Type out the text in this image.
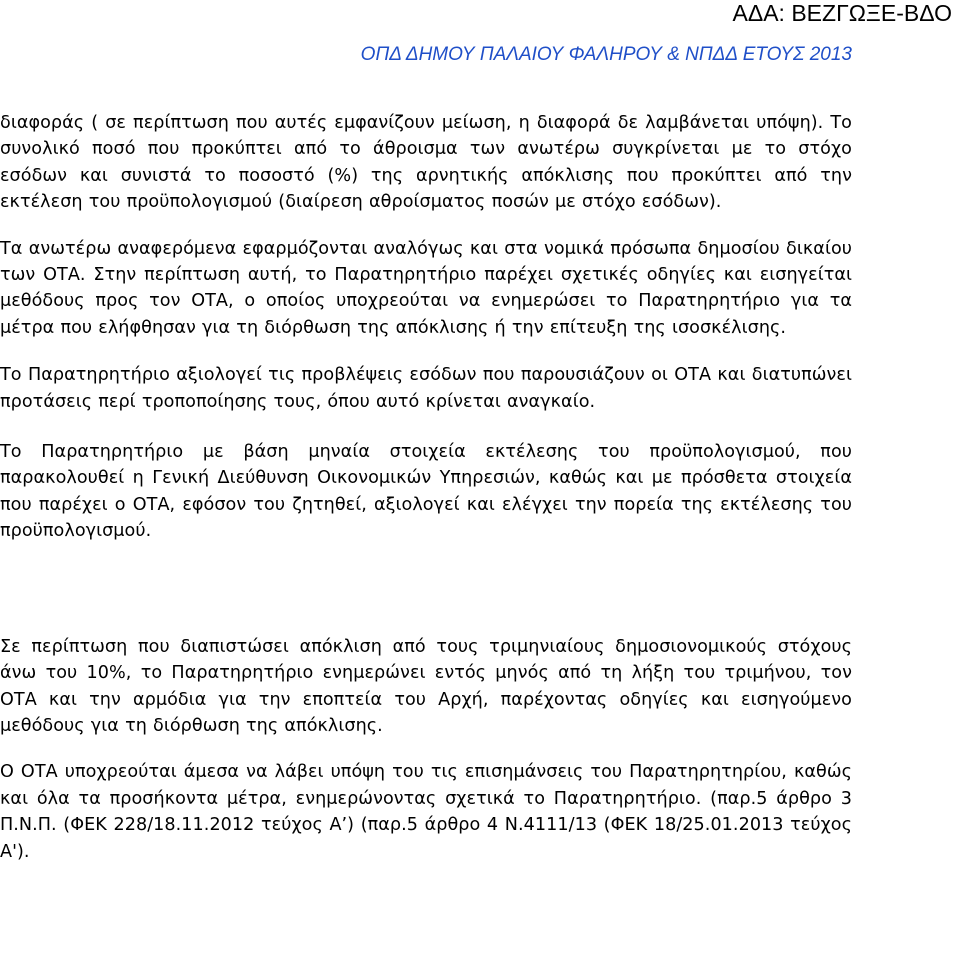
ΑΔΑ: ΒΕΖΓΩΞΕ-ΒΔΟ
ΟΠΔ ΔΗΜΟΥ ΠΑΛΑΙΟΥ ΦΑΛΗΡΟΥ & ΝΠΔΔ ΕΤΟΥΣ 2013

διαφοράς ( σε περίπτωση που αυτές εμφανίζουν μείωση, η διαφορά δε λαμβάνεται υπόψη). Το συνολικό ποσό που προκύπτει από το άθροισμα των ανωτέρω συγκρίνεται με το στόχο εσόδων και συνιστά το ποσοστό (%) της αρνητικής απόκλισης που προκύπτει από την εκτέλεση του προϋπολογισμού (διαίρεση αθροίσματος ποσών με στόχο εσόδων).

Τα ανωτέρω αναφερόμενα εφαρμόζονται αναλόγως και στα νομικά πρόσωπα δημοσίου δικαίου των ΟΤΑ. Στην περίπτωση αυτή, το Παρατηρητήριο παρέχει σχετικές οδηγίες και εισηγείται μεθόδους προς τον ΟΤΑ, ο οποίος υποχρεούται να ενημερώσει το Παρατηρητήριο για τα μέτρα που ελήφθησαν για τη διόρθωση της απόκλισης ή την επίτευξη της ισοσκέλισης.

Το Παρατηρητήριο αξιολογεί τις προβλέψεις εσόδων που παρουσιάζουν οι ΟΤΑ και διατυπώνει προτάσεις περί τροποποίησης τους, όπου αυτό κρίνεται αναγκαίο.

Το Παρατηρητήριο με βάση μηναία στοιχεία εκτέλεσης του προϋπολογισμού, που παρακολουθεί η Γενική Διεύθυνση Οικονομικών Υπηρεσιών, καθώς και με πρόσθετα στοιχεία που παρέχει ο ΟΤΑ, εφόσον του ζητηθεί, αξιολογεί και ελέγχει την πορεία της εκτέλεσης του προϋπολογισμού.

Σε περίπτωση που διαπιστώσει απόκλιση από τους τριμηνιαίους δημοσιονομικούς στόχους άνω του 10%, το Παρατηρητήριο ενημερώνει εντός μηνός από τη λήξη του τριμήνου, τον ΟΤΑ και την αρμόδια για την εποπτεία του Αρχή, παρέχοντας οδηγίες και εισηγούμενο μεθόδους για τη διόρθωση της απόκλισης.

Ο ΟΤΑ υποχρεούται άμεσα να λάβει υπόψη του τις επισημάνσεις του Παρατηρητηρίου, καθώς και όλα τα προσήκοντα μέτρα, ενημερώνοντας σχετικά το Παρατηρητήριο. (παρ.5 άρθρο 3 Π.Ν.Π. (ΦΕΚ 228/18.11.2012 τεύχος Α’) (παρ.5 άρθρο 4 Ν.4111/13 (ΦΕΚ 18/25.01.2013 τεύχος Α').
